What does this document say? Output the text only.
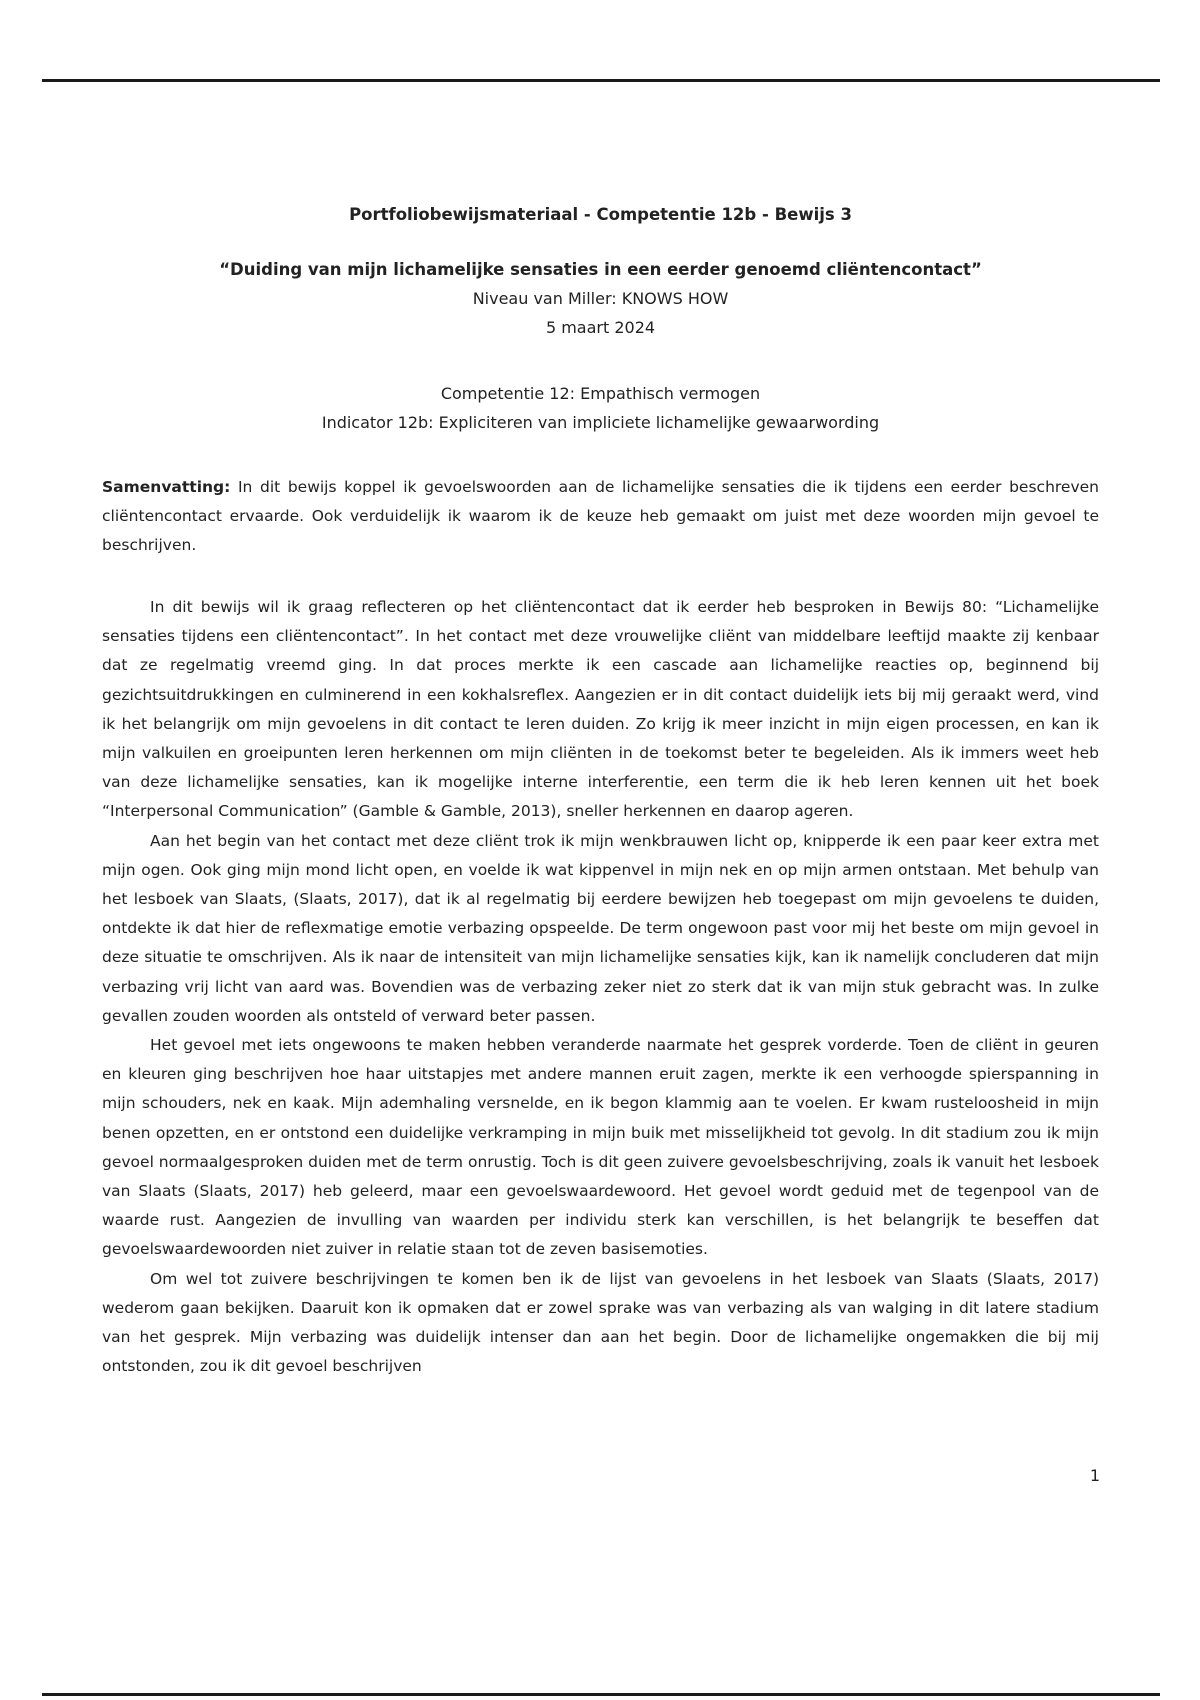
Portfoliobewijsmateriaal - Competentie 12b - Bewijs 3

“Duiding van mijn lichamelijke sensaties in een eerder genoemd cliëntencontact”

Niveau van Miller: KNOWS HOW

5 maart 2024

Competentie 12: Empathisch vermogen

Indicator 12b: Expliciteren van impliciete lichamelijke gewaarwording

Samenvatting: In dit bewijs koppel ik gevoelswoorden aan de lichamelijke sensaties die ik tijdens een eerder beschreven cliëntencontact ervaarde. Ook verduidelijk ik waarom ik de keuze heb gemaakt om juist met deze woorden mijn gevoel te beschrijven.

In dit bewijs wil ik graag reflecteren op het cliëntencontact dat ik eerder heb besproken in Bewijs 80: “Lichamelijke sensaties tijdens een cliëntencontact”. In het contact met deze vrouwelijke cliënt van middelbare leeftijd maakte zij kenbaar dat ze regelmatig vreemd ging. In dat proces merkte ik een cascade aan lichamelijke reacties op, beginnend bij gezichtsuitdrukkingen en culminerend in een kokhalsreflex. Aangezien er in dit contact duidelijk iets bij mij geraakt werd, vind ik het belangrijk om mijn gevoelens in dit contact te leren duiden. Zo krijg ik meer inzicht in mijn eigen processen, en kan ik mijn valkuilen en groeipunten leren herkennen om mijn cliënten in de toekomst beter te begeleiden. Als ik immers weet heb van deze lichamelijke sensaties, kan ik mogelijke interne interferentie, een term die ik heb leren kennen uit het boek “Interpersonal Communication” (Gamble & Gamble, 2013), sneller herkennen en daarop ageren.

Aan het begin van het contact met deze cliënt trok ik mijn wenkbrauwen licht op, knipperde ik een paar keer extra met mijn ogen. Ook ging mijn mond licht open, en voelde ik wat kippenvel in mijn nek en op mijn armen ontstaan. Met behulp van het lesboek van Slaats, (Slaats, 2017), dat ik al regelmatig bij eerdere bewijzen heb toegepast om mijn gevoelens te duiden, ontdekte ik dat hier de reflexmatige emotie verbazing opspeelde. De term ongewoon past voor mij het beste om mijn gevoel in deze situatie te omschrijven. Als ik naar de intensiteit van mijn lichamelijke sensaties kijk, kan ik namelijk concluderen dat mijn verbazing vrij licht van aard was. Bovendien was de verbazing zeker niet zo sterk dat ik van mijn stuk gebracht was. In zulke gevallen zouden woorden als ontsteld of verward beter passen.

Het gevoel met iets ongewoons te maken hebben veranderde naarmate het gesprek vorderde. Toen de cliënt in geuren en kleuren ging beschrijven hoe haar uitstapjes met andere mannen eruit zagen, merkte ik een verhoogde spierspanning in mijn schouders, nek en kaak. Mijn ademhaling versnelde, en ik begon klammig aan te voelen. Er kwam rusteloosheid in mijn benen opzetten, en er ontstond een duidelijke verkramping in mijn buik met misselijkheid tot gevolg. In dit stadium zou ik mijn gevoel normaalgesproken duiden met de term onrustig. Toch is dit geen zuivere gevoelsbeschrijving, zoals ik vanuit het lesboek van Slaats (Slaats, 2017) heb geleerd, maar een gevoelswaardewoord. Het gevoel wordt geduid met de tegenpool van de waarde rust. Aangezien de invulling van waarden per individu sterk kan verschillen, is het belangrijk te beseffen dat gevoelswaardewoorden niet zuiver in relatie staan tot de zeven basisemoties.

Om wel tot zuivere beschrijvingen te komen ben ik de lijst van gevoelens in het lesboek van Slaats (Slaats, 2017) wederom gaan bekijken. Daaruit kon ik opmaken dat er zowel sprake was van verbazing als van walging in dit latere stadium van het gesprek. Mijn verbazing was duidelijk intenser dan aan het begin. Door de lichamelijke ongemakken die bij mij ontstonden, zou ik dit gevoel beschrijven

1
